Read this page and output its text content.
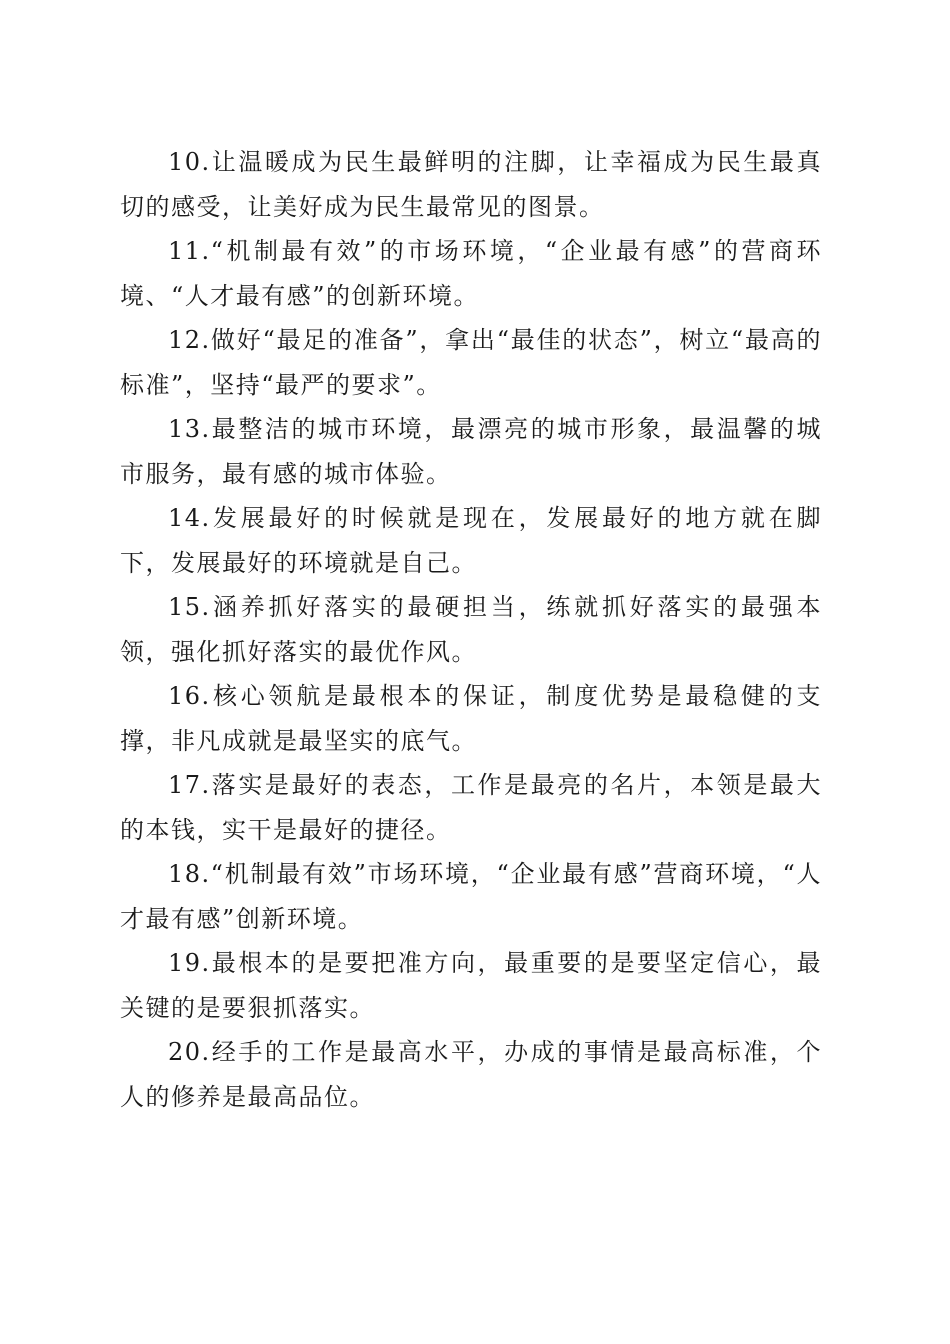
10.让温暖成为民生最鲜明的注脚，让幸福成为民生最真切的感受，让美好成为民生最常见的图景。

11.“机制最有效”的市场环境，“企业最有感”的营商环境、“人才最有感”的创新环境。

12.做好“最足的准备”，拿出“最佳的状态”，树立“最高的标准”，坚持“最严的要求”。

13.最整洁的城市环境，最漂亮的城市形象，最温馨的城市服务，最有感的城市体验。

14.发展最好的时候就是现在，发展最好的地方就在脚下，发展最好的环境就是自己。

15.涵养抓好落实的最硬担当，练就抓好落实的最强本领，强化抓好落实的最优作风。

16.核心领航是最根本的保证，制度优势是最稳健的支撑，非凡成就是最坚实的底气。

17.落实是最好的表态，工作是最亮的名片，本领是最大的本钱，实干是最好的捷径。

18.“机制最有效”市场环境，“企业最有感”营商环境，“人才最有感”创新环境。

19.最根本的是要把准方向，最重要的是要坚定信心，最关键的是要狠抓落实。

20.经手的工作是最高水平，办成的事情是最高标准，个人的修养是最高品位。
